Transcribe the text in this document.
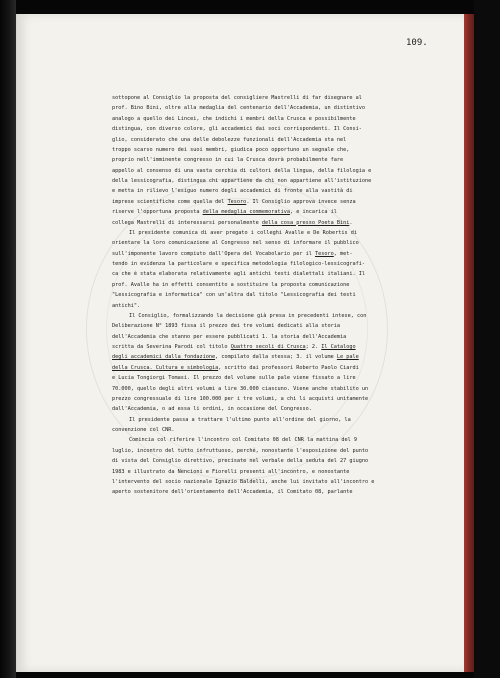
109.
sottopone al Consiglio la proposta del consigliere Mastrelli di far disegnare al
prof. Bino Bini, oltre alla medaglia del centenario dell'Accademia, un distintivo
analogo a quello dei Lincei, che indichi i membri della Crusca e possibilmente
distingua, con diverso colore, gli accademici dai soci corrispondenti. Il Consi-
glio, considerato che una delle debolezze funzionali dell'Accademia sta nel
troppo scarso numero dei suoi membri, giudica poco opportuno un segnale che,
proprio nell'imminente congresso in cui la Crusca dovrà probabilmente fare
appello al consenso di una vasta cerchia di cultori della lingua, della filologia e
della lessicografia, distingua chi appartiene da chi non appartiene all'istituzione
e metta in rilievo l'esiguo numero degli accademici di fronte alla vastità di
imprese scientifiche come quella del Tesoro. Il Consiglio approva invece senza
riserve l'opportuna proposta della medaglia commemorativa, e incarica il
collega Mastrelli di interessarsi personalmente della cosa presso Poeta Bini.
Il presidente comunica di aver pregato i colleghi Avalle e De Robertis di
orientare la loro comunicazione al Congresso nel senso di informare il pubblico
sull'imponente lavoro compiuto dall'Opera del Vocabolario per il Tesoro, met-
tendo in evidenza la particolare e specifica metodologia filologico-lessicografi-
ca che è stata elaborata relativamente agli antichi testi dialettali italiani. Il
prof. Avalle ha in effetti consentito a sostituire la proposta comunicazione
"Lessicografia e informatica" con un'altra dal titolo "Lessicografia dei testi
antichi".
Il Consiglio, formalizzando la decisione già presa in precedenti intese, con
Deliberazione N° 1893 fissa il prezzo dei tre volumi dedicati alla storia
dell'Accademia che stanno per essere pubblicati 1. la storia dell'Accademia
scritta da Severina Parodi col titolo Quattro secoli di Crusca; 2. Il Catalogo
degli accademici dalla fondazione, compilato dalla stessa; 3. il volume Le pale
della Crusca. Cultura e simbologia, scritto dai professori Roberto Paolo Ciardi
e Lucia Tongiorgi Tomasi. Il prezzo del volume sulle pale viene fissato a lire
70.000, quello degli altri volumi a lire 30.000 ciascuno. Viene anche stabilito un
prezzo congressuale di lire 100.000 per i tre volumi, a chi li acquisti unitamente
dall'Accademia, o ad essa li ordini, in occasione del Congresso.
Il presidente passa a trattare l'ultimo punto all'ordine del giorno, la
convenzione col CNR.
Comincia col riferire l'incontro col Comitato 08 del CNR la mattina del 9
luglio, incontro del tutto infruttuoso, perché, nonostante l'esposizione del punto
di vista del Consiglio direttivo, precisate nel verbale della seduta del 27 giugno
1983 e illustrato da Nencioni e Fiorelli presenti all'incontro, e nonostante
l'intervento del socio nazionale Ignazio Baldelli, anche lui invitato all'incontro e
aperto sostenitore dell'orientamento dell'Accademia, il Comitato 08, parlante
